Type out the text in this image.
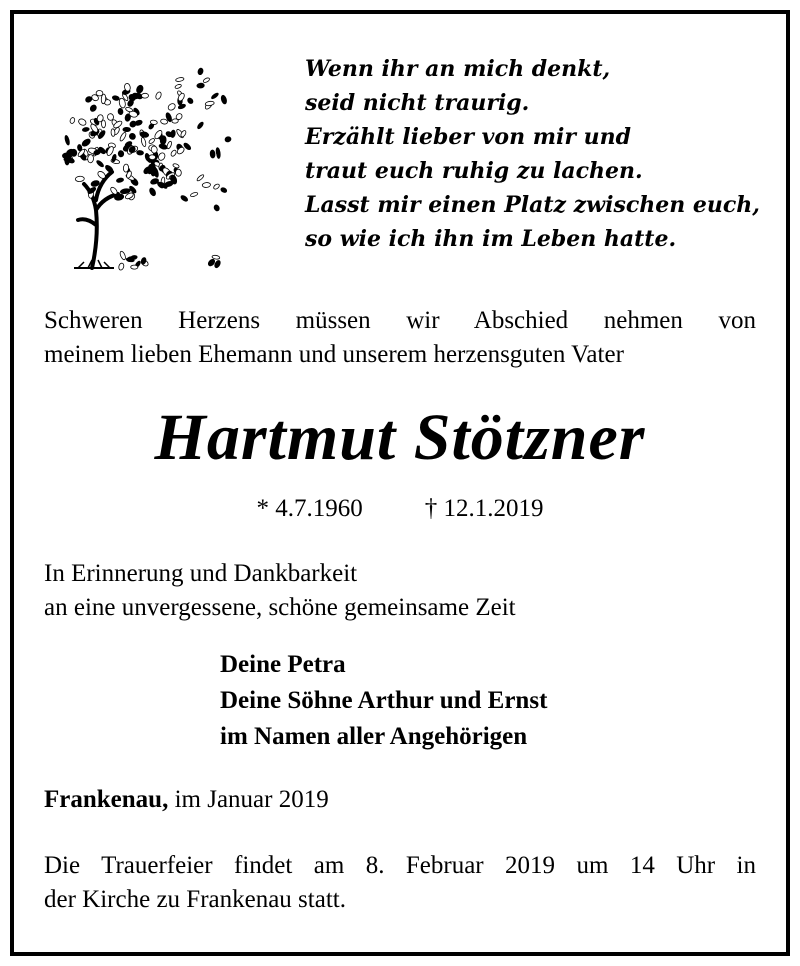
Wenn ihr an mich denkt,
seid nicht traurig.
Erzählt lieber von mir und
traut euch ruhig zu lachen.
Lasst mir einen Platz zwischen euch,
so wie ich ihn im Leben hatte.
Schweren Herzens müssen wir Abschied nehmen von
meinem lieben Ehemann und unserem herzensguten Vater
Hartmut Stötzner
* 4.7.1960 † 12.1.2019
In Erinnerung und Dankbarkeit
an eine unvergessene, schöne gemeinsame Zeit
Deine Petra
Deine Söhne Arthur und Ernst
im Namen aller Angehörigen
Frankenau, im Januar 2019
Die Trauerfeier findet am 8. Februar 2019 um 14 Uhr in
der Kirche zu Frankenau statt.
